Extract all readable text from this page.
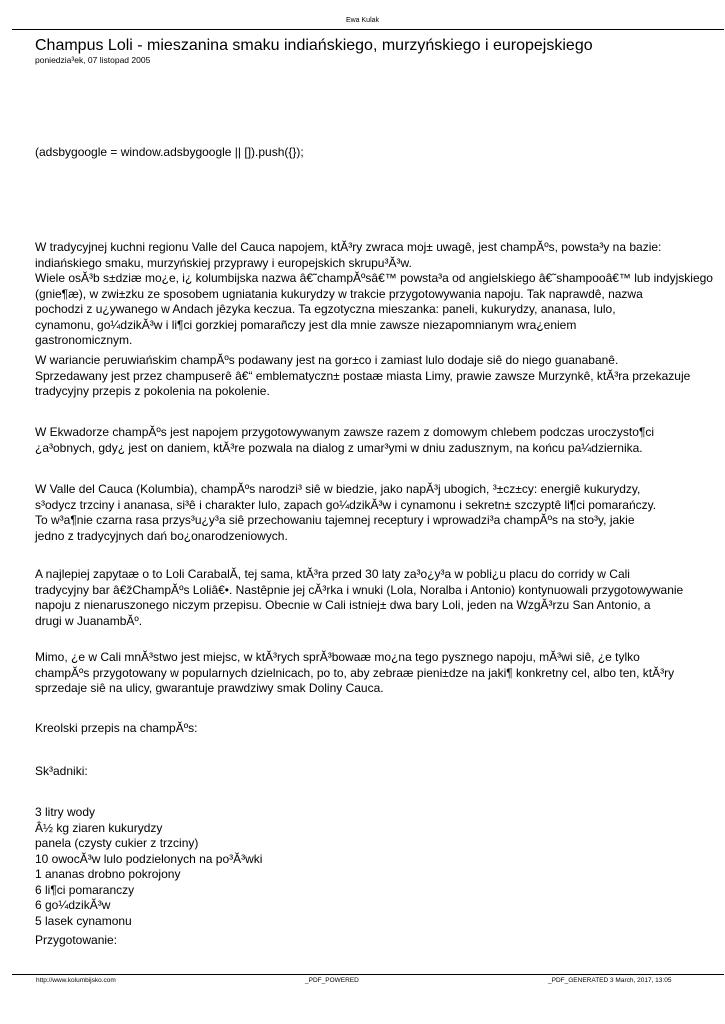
Ewa Kulak
Champus Loli - mieszanina smaku indiańskiego, murzyńskiego i europejskiego
poniedzia³ek, 07 listopad 2005

(adsbygoogle = window.adsbygoogle || []).push({});

W tradycyjnej kuchni regionu Valle del Cauca napojem, ktĂ³ry zwraca moj± uwagê, jest champĂºs, powsta³y na bazie:
indiańskiego smaku, murzyńskiej przyprawy i europejskich skrupu³Ă³w.

Wiele osĂ³b s±dziæ mo¿e, i¿ kolumbijska nazwa â€˜champĂºsâ€™ powsta³a od angielskiego â€˜shampooâ€™ lub indyjskiego
(gnie¶æ), w zwi±zku ze sposobem ugniatania kukurydzy w trakcie przygotowywania napoju. Tak naprawdê, nazwa
pochodzi z u¿ywanego w Andach jêzyka keczua. Ta egzotyczna mieszanka: paneli, kukurydzy, ananasa, lulo,
cynamonu, go¼dzikĂ³w i li¶ci gorzkiej pomarañczy jest dla mnie zawsze niezapomnianym wra¿eniem
gastronomicznym.

W wariancie peruwiańskim champĂºs podawany jest na gor±co i zamiast lulo dodaje siê do niego guanabanê.
Sprzedawany jest przez champuserê â€“ emblematyczn± postaæ miasta Limy, prawie zawsze Murzynkê, ktĂ³ra przekazuje
tradycyjny przepis z pokolenia na pokolenie.

W Ekwadorze champĂºs jest napojem przygotowywanym zawsze razem z domowym chlebem podczas uroczysto¶ci
¿a³obnych, gdy¿ jest on daniem, ktĂ³re pozwala na dialog z umar³ymi w dniu zadusznym, na końcu pa¼dziernika.

W Valle del Cauca (Kolumbia), champĂºs narodzi³ siê w biedzie, jako napĂ³j ubogich, ³±cz±cy: energiê kukurydzy,
s³odycz trzciny i ananasa, si³ê i charakter lulo, zapach go¼dzikĂ³w i cynamonu i sekretn± szczyptê li¶ci pomarańczy.
To w³a¶nie czarna rasa przys³u¿y³a siê przechowaniu tajemnej receptury i wprowadzi³a champĂºs na sto³y, jakie
jedno z tradycyjnych dań bo¿onarodzeniowych.

A najlepiej zapytaæ o to Loli CarabalĂ, tej sama, ktĂ³ra przed 30 laty za³o¿y³a w pobli¿u placu do corridy w Cali
tradycyjny bar â€žChampĂºs Loliâ€•. Nastêpnie jej cĂ³rka i wnuki (Lola, Noralba i Antonio) kontynuowali przygotowywanie
napoju z nienaruszonego niczym przepisu. Obecnie w Cali istniej± dwa bary Loli, jeden na WzgĂ³rzu San Antonio, a
drugi w JuanambĂº.

Mimo, ¿e w Cali mnĂ³stwo jest miejsc, w ktĂ³rych sprĂ³bowaæ mo¿na tego pysznego napoju, mĂ³wi siê, ¿e tylko
champĂºs przygotowany w popularnych dzielnicach, po to, aby zebraæ pieni±dze na jaki¶ konkretny cel, albo ten, ktĂ³ry
sprzedaje siê na ulicy, gwarantuje prawdziwy smak Doliny Cauca.

Kreolski przepis na champĂºs:

Sk³adniki:

3 litry wody
Â½ kg ziaren kukurydzy
panela (czysty cukier z trzciny)
10 owocĂ³w lulo podzielonych na po³Ă³wki
1 ananas drobno pokrojony
6 li¶ci pomaranczy
6 go¼dzikĂ³w
5 lasek cynamonu

Przygotowanie:

http://www.kolumbijsko.com	_PDF_POWERED	_PDF_GENERATED 3 March, 2017, 13:05
